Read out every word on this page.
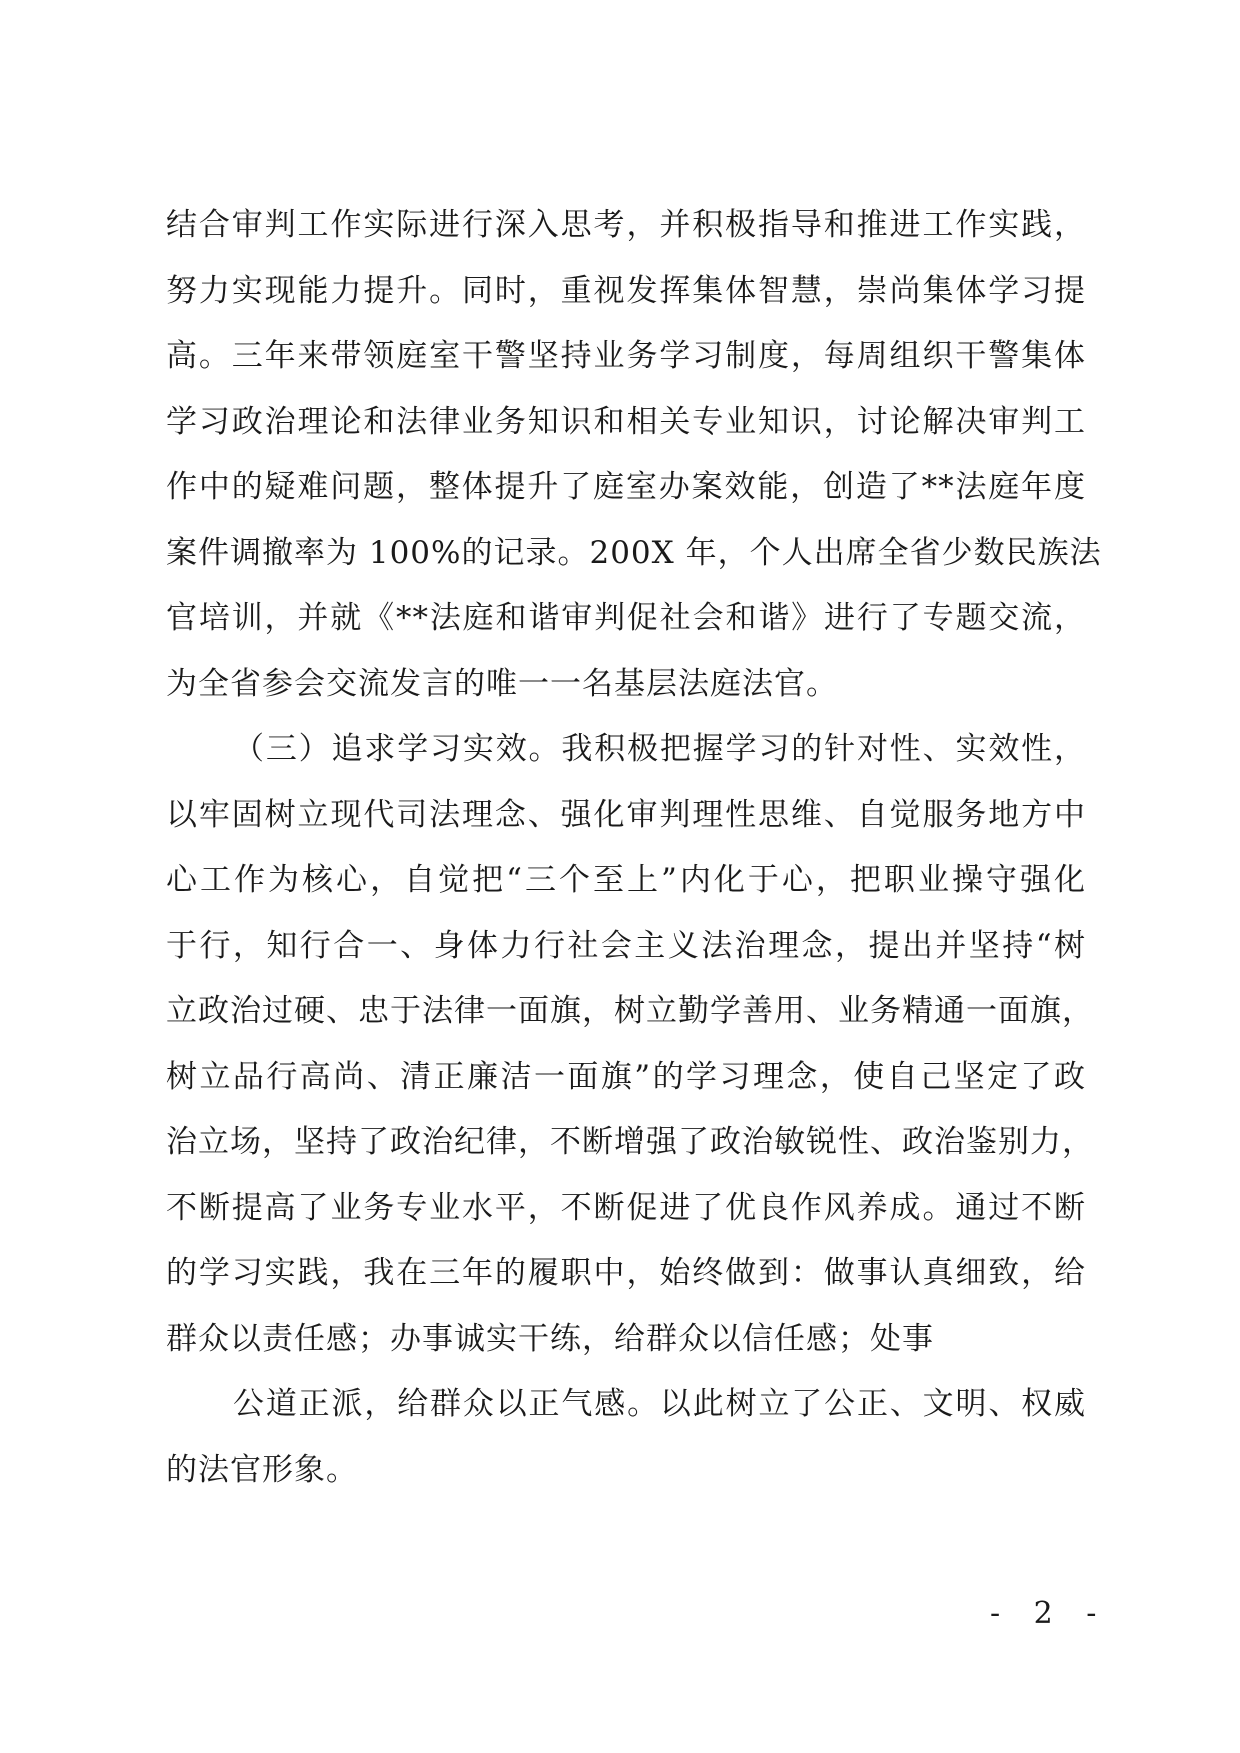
结合审判工作实际进行深入思考，并积极指导和推进工作实践，
努力实现能力提升。同时，重视发挥集体智慧，崇尚集体学习提
高。三年来带领庭室干警坚持业务学习制度，每周组织干警集体
学习政治理论和法律业务知识和相关专业知识，讨论解决审判工
作中的疑难问题，整体提升了庭室办案效能，创造了**法庭年度
案件调撤率为 100%的记录。200X 年，个人出席全省少数民族法
官培训，并就《**法庭和谐审判促社会和谐》进行了专题交流，
为全省参会交流发言的唯一一名基层法庭法官。
（三）追求学习实效。我积极把握学习的针对性、实效性，
以牢固树立现代司法理念、强化审判理性思维、自觉服务地方中
心工作为核心，自觉把“三个至上”内化于心，把职业操守强化
于行，知行合一、身体力行社会主义法治理念，提出并坚持“树
立政治过硬、忠于法律一面旗，树立勤学善用、业务精通一面旗，
树立品行高尚、清正廉洁一面旗”的学习理念，使自己坚定了政
治立场，坚持了政治纪律，不断增强了政治敏锐性、政治鉴别力，
不断提高了业务专业水平，不断促进了优良作风养成。通过不断
的学习实践，我在三年的履职中，始终做到：做事认真细致，给
群众以责任感；办事诚实干练，给群众以信任感；处事
公道正派，给群众以正气感。以此树立了公正、文明、权威
的法官形象。
- 2 -
